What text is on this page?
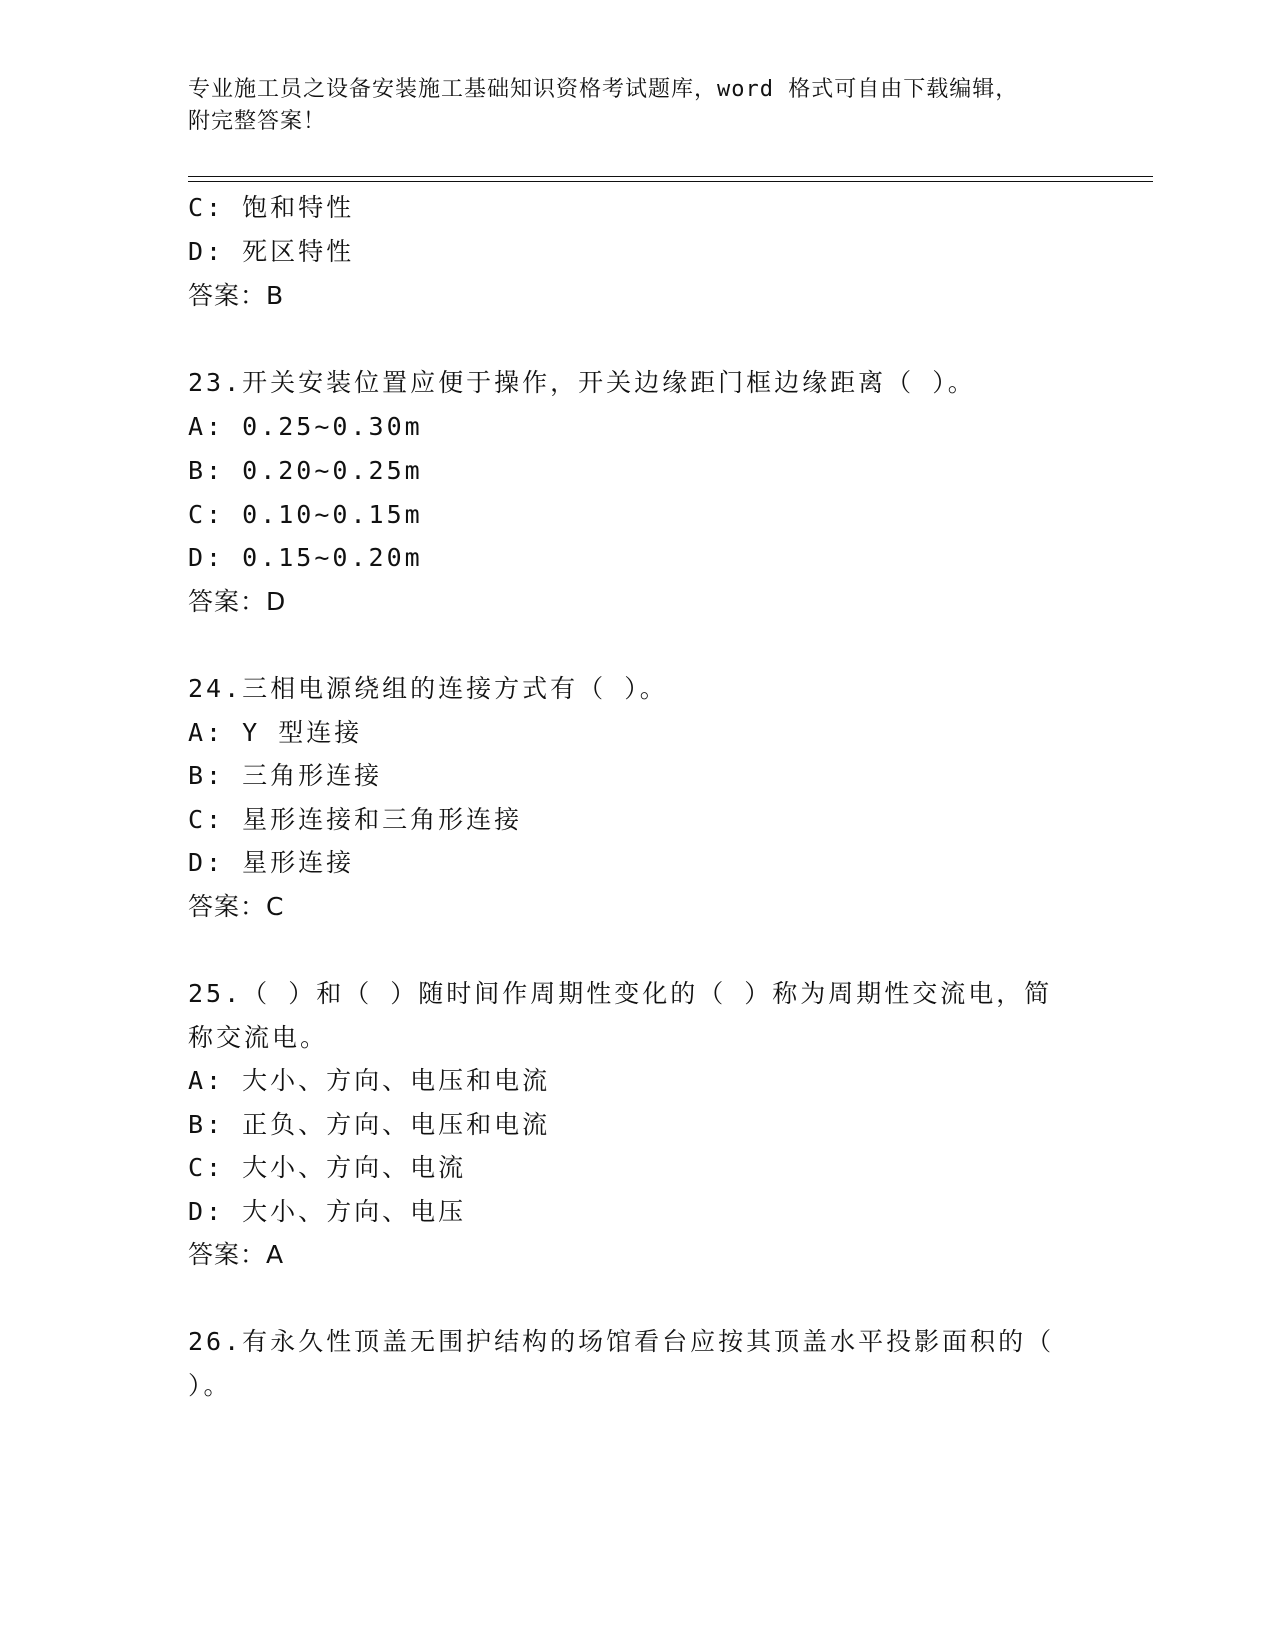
专业施工员之设备安装施工基础知识资格考试题库，word 格式可自由下载编辑，
附完整答案！
C: 饱和特性
D: 死区特性
答案：B
23.开关安装位置应便于操作，开关边缘距门框边缘距离（ ）。
A: 0.25~0.30m
B: 0.20~0.25m
C: 0.10~0.15m
D: 0.15~0.20m
答案：D
24.三相电源绕组的连接方式有（ ）。
A: Y 型连接
B: 三角形连接
C: 星形连接和三角形连接
D: 星形连接
答案：C
25.（ ）和（ ）随时间作周期性变化的（ ）称为周期性交流电，简
称交流电。
A: 大小、方向、电压和电流
B: 正负、方向、电压和电流
C: 大小、方向、电流
D: 大小、方向、电压
答案：A
26.有永久性顶盖无围护结构的场馆看台应按其顶盖水平投影面积的（
）。
